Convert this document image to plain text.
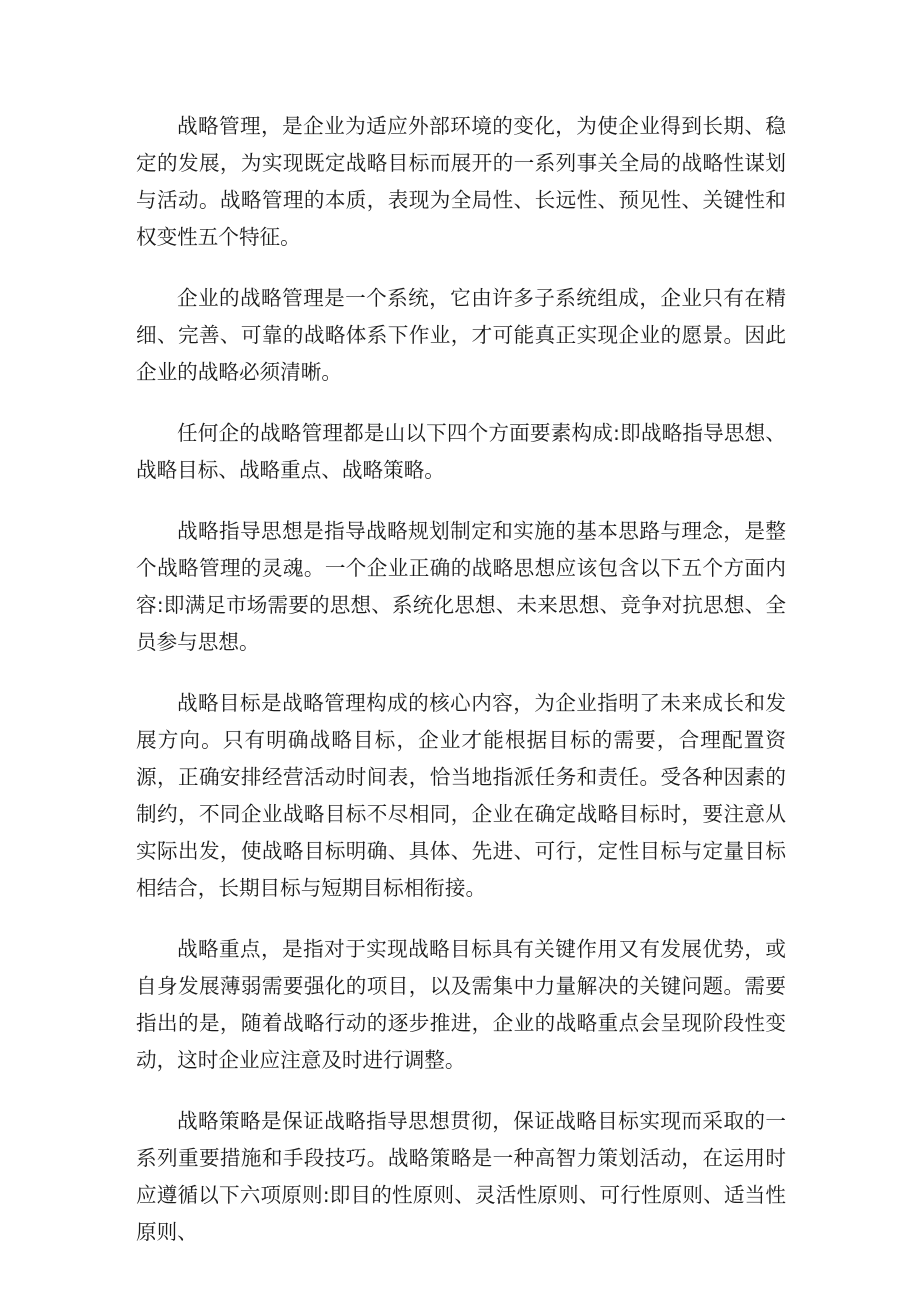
战略管理，是企业为适应外部环境的变化，为使企业得到长期、稳定的发展，为实现既定战略目标而展开的一系列事关全局的战略性谋划与活动。战略管理的本质，表现为全局性、长远性、预见性、关键性和权变性五个特征。

企业的战略管理是一个系统，它由许多子系统组成，企业只有在精细、完善、可靠的战略体系下作业，才可能真正实现企业的愿景。因此企业的战略必须清晰。

任何企的战略管理都是山以下四个方面要素构成:即战略指导思想、战略目标、战略重点、战略策略。

战略指导思想是指导战略规划制定和实施的基本思路与理念，是整个战略管理的灵魂。一个企业正确的战略思想应该包含以下五个方面内容:即满足市场需要的思想、系统化思想、未来思想、竞争对抗思想、全员参与思想。

战略目标是战略管理构成的核心内容，为企业指明了未来成长和发展方向。只有明确战略目标，企业才能根据目标的需要，合理配置资源，正确安排经营活动时间表，恰当地指派任务和责任。受各种因素的制约，不同企业战略目标不尽相同，企业在确定战略目标时，要注意从实际出发，使战略目标明确、具体、先进、可行，定性目标与定量目标相结合，长期目标与短期目标相衔接。

战略重点，是指对于实现战略目标具有关键作用又有发展优势，或自身发展薄弱需要强化的项目，以及需集中力量解决的关键问题。需要指出的是，随着战略行动的逐步推进，企业的战略重点会呈现阶段性变动，这时企业应注意及时进行调整。

战略策略是保证战略指导思想贯彻，保证战略目标实现而采取的一系列重要措施和手段技巧。战略策略是一种高智力策划活动，在运用时应遵循以下六项原则:即目的性原则、灵活性原则、可行性原则、适当性原则、
